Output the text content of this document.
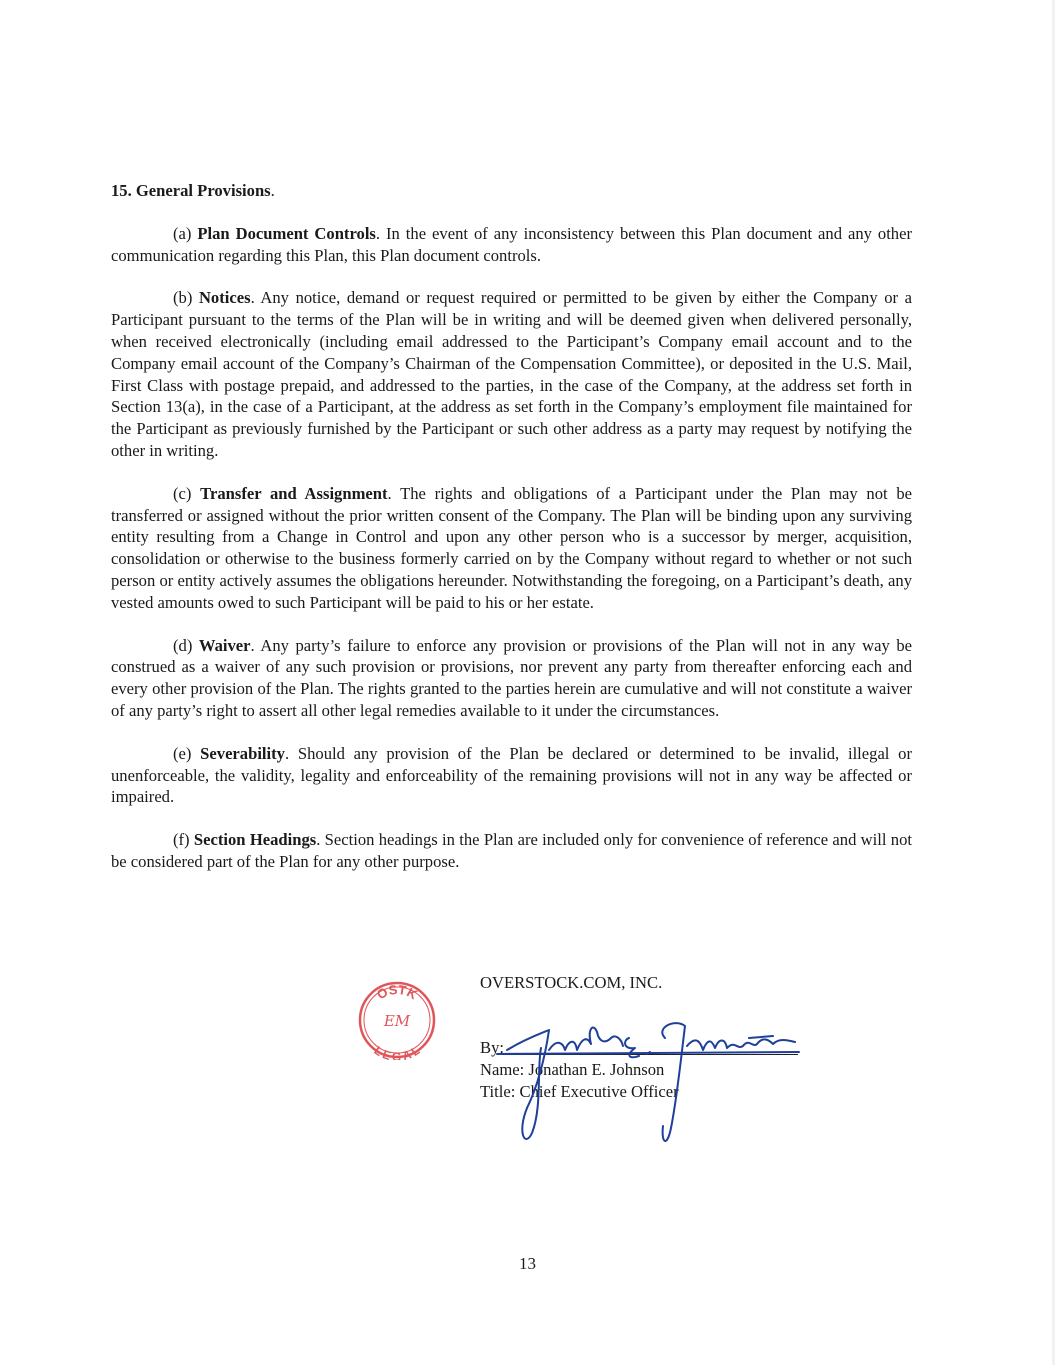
15. General Provisions.

(a) Plan Document Controls. In the event of any inconsistency between this Plan document and any other communication regarding this Plan, this Plan document controls.

(b) Notices. Any notice, demand or request required or permitted to be given by either the Company or a Participant pursuant to the terms of the Plan will be in writing and will be deemed given when delivered personally, when received electronically (including email addressed to the Participant’s Company email account and to the Company email account of the Company’s Chairman of the Compensation Committee), or deposited in the U.S. Mail, First Class with postage prepaid, and addressed to the parties, in the case of the Company, at the address set forth in Section 13(a), in the case of a Participant, at the address as set forth in the Company’s employment file maintained for the Participant as previously furnished by the Participant or such other address as a party may request by notifying the other in writing.

(c) Transfer and Assignment. The rights and obligations of a Participant under the Plan may not be transferred or assigned without the prior written consent of the Company. The Plan will be binding upon any surviving entity resulting from a Change in Control and upon any other person who is a successor by merger, acquisition, consolidation or otherwise to the business formerly carried on by the Company without regard to whether or not such person or entity actively assumes the obligations hereunder. Notwithstanding the foregoing, on a Participant’s death, any vested amounts owed to such Participant will be paid to his or her estate.

(d) Waiver. Any party’s failure to enforce any provision or provisions of the Plan will not in any way be construed as a waiver of any such provision or provisions, nor prevent any party from thereafter enforcing each and every other provision of the Plan. The rights granted to the parties herein are cumulative and will not constitute a waiver of any party’s right to assert all other legal remedies available to it under the circumstances.

(e) Severability. Should any provision of the Plan be declared or determined to be invalid, illegal or unenforceable, the validity, legality and enforceability of the remaining provisions will not in any way be affected or impaired.

(f) Section Headings. Section headings in the Plan are included only for convenience of reference and will not be considered part of the Plan for any other purpose.

OSTK
LEGAL
EM
OVERSTOCK.COM, INC.
By:
Name: Jonathan E. Johnson
Title: Chief Executive Officer
Jonathan E. Johnson III
13
